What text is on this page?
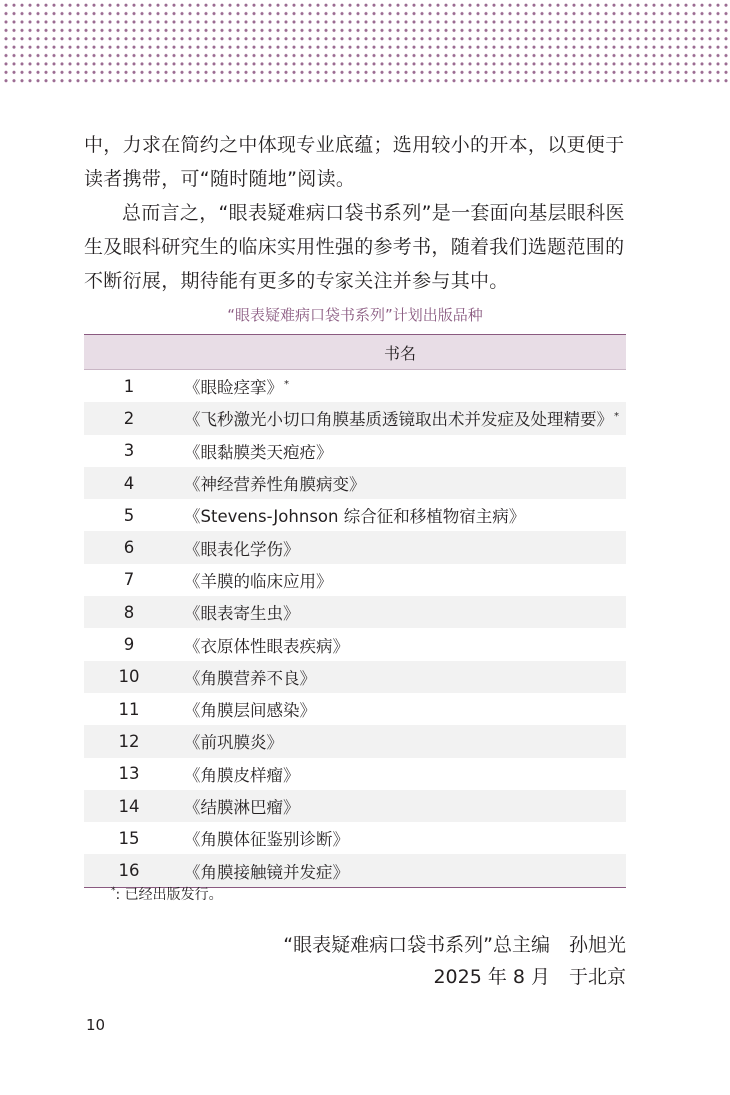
中，力求在简约之中体现专业底蕴；选用较小的开本，以更便于读者携带，可“随时随地”阅读。

总而言之，“眼表疑难病口袋书系列”是一套面向基层眼科医生及眼科研究生的临床实用性强的参考书，随着我们选题范围的不断衍展，期待能有更多的专家关注并参与其中。

“眼表疑难病口袋书系列”计划出版品种
	书名
1	《眼睑痉挛》*
2	《飞秒激光小切口角膜基质透镜取出术并发症及处理精要》*
3	《眼黏膜类天疱疮》
4	《神经营养性角膜病变》
5	《Stevens-Johnson 综合征和移植物宿主病》
6	《眼表化学伤》
7	《羊膜的临床应用》
8	《眼表寄生虫》
9	《衣原体性眼表疾病》
10	《角膜营养不良》
11	《角膜层间感染》
12	《前巩膜炎》
13	《角膜皮样瘤》
14	《结膜淋巴瘤》
15	《角膜体征鉴别诊断》
16	《角膜接触镜并发症》
*: 已经出版发行。
“眼表疑难病口袋书系列”总主编　孙旭光
2025 年 8 月　于北京
10
